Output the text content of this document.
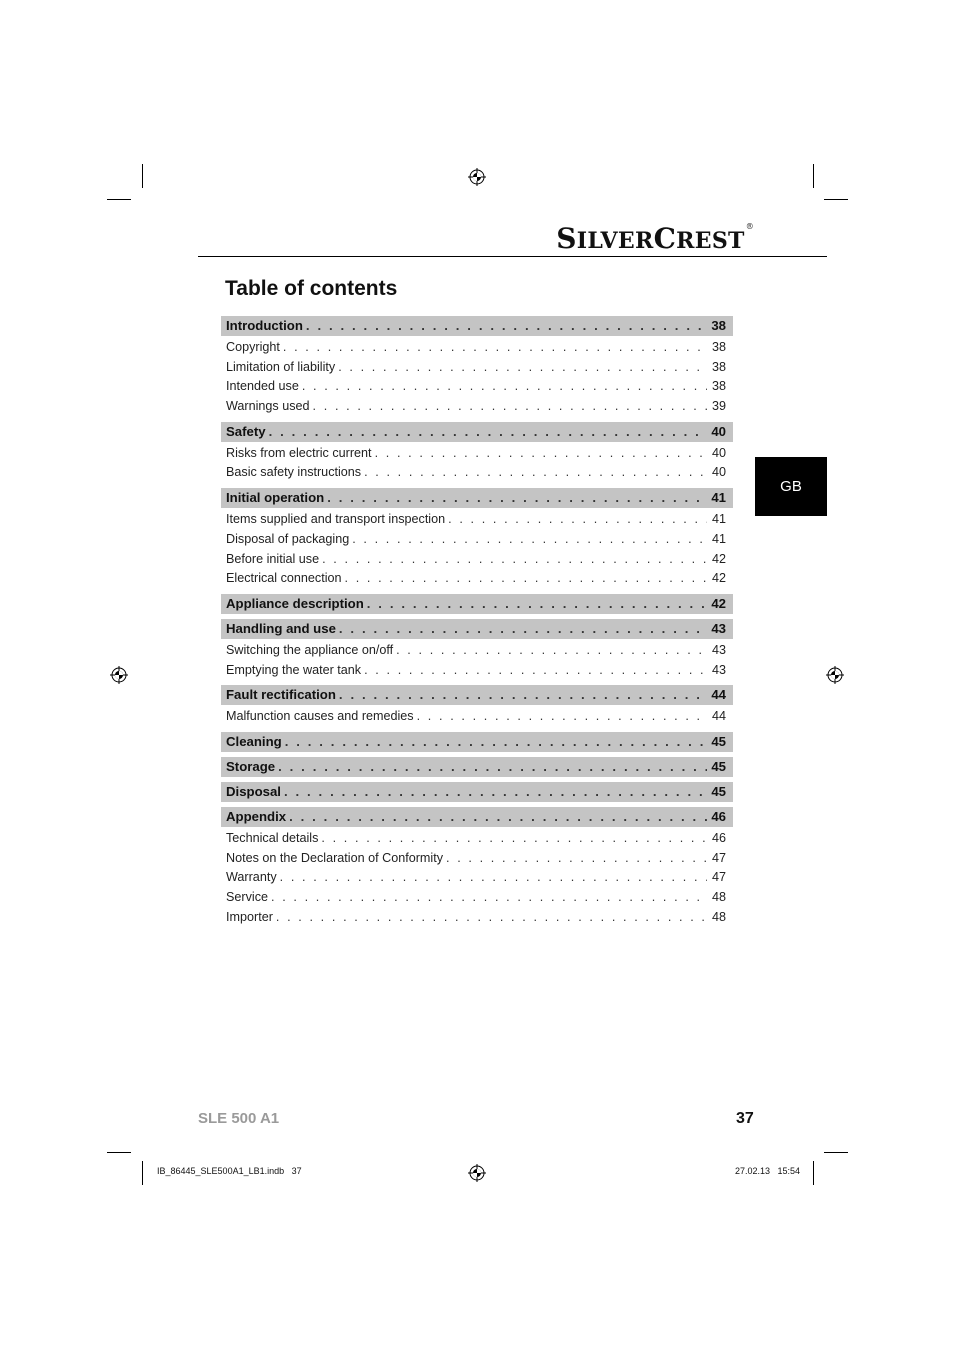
SILVERCREST®
Table of contents
GB
Introduction . . .	38
Copyright . . .	38
Limitation of liability . . .	38
Intended use . . .	38
Warnings used . . .	39
Safety . . .	40
Risks from electric current . . .	40
Basic safety instructions . . .	40
Initial operation . . .	41
Items supplied and transport inspection . . .	41
Disposal of packaging . . .	41
Before initial use . . .	42
Electrical connection . . .	42
Appliance description . . .	42
Handling and use . . .	43
Switching the appliance on/off . . .	43
Emptying the water tank . . .	43
Fault rectification . . .	44
Malfunction causes and remedies . . .	44
Cleaning . . .	45
Storage . . .	45
Disposal . . .	45
Appendix . . .	46
Technical details . . .	46
Notes on the Declaration of Conformity . . .	47
Warranty . . .	47
Service . . .	48
Importer . . .	48
SLE 500 A1	37
IB_86445_SLE500A1_LB1.indb   37	27.02.13   15:54
